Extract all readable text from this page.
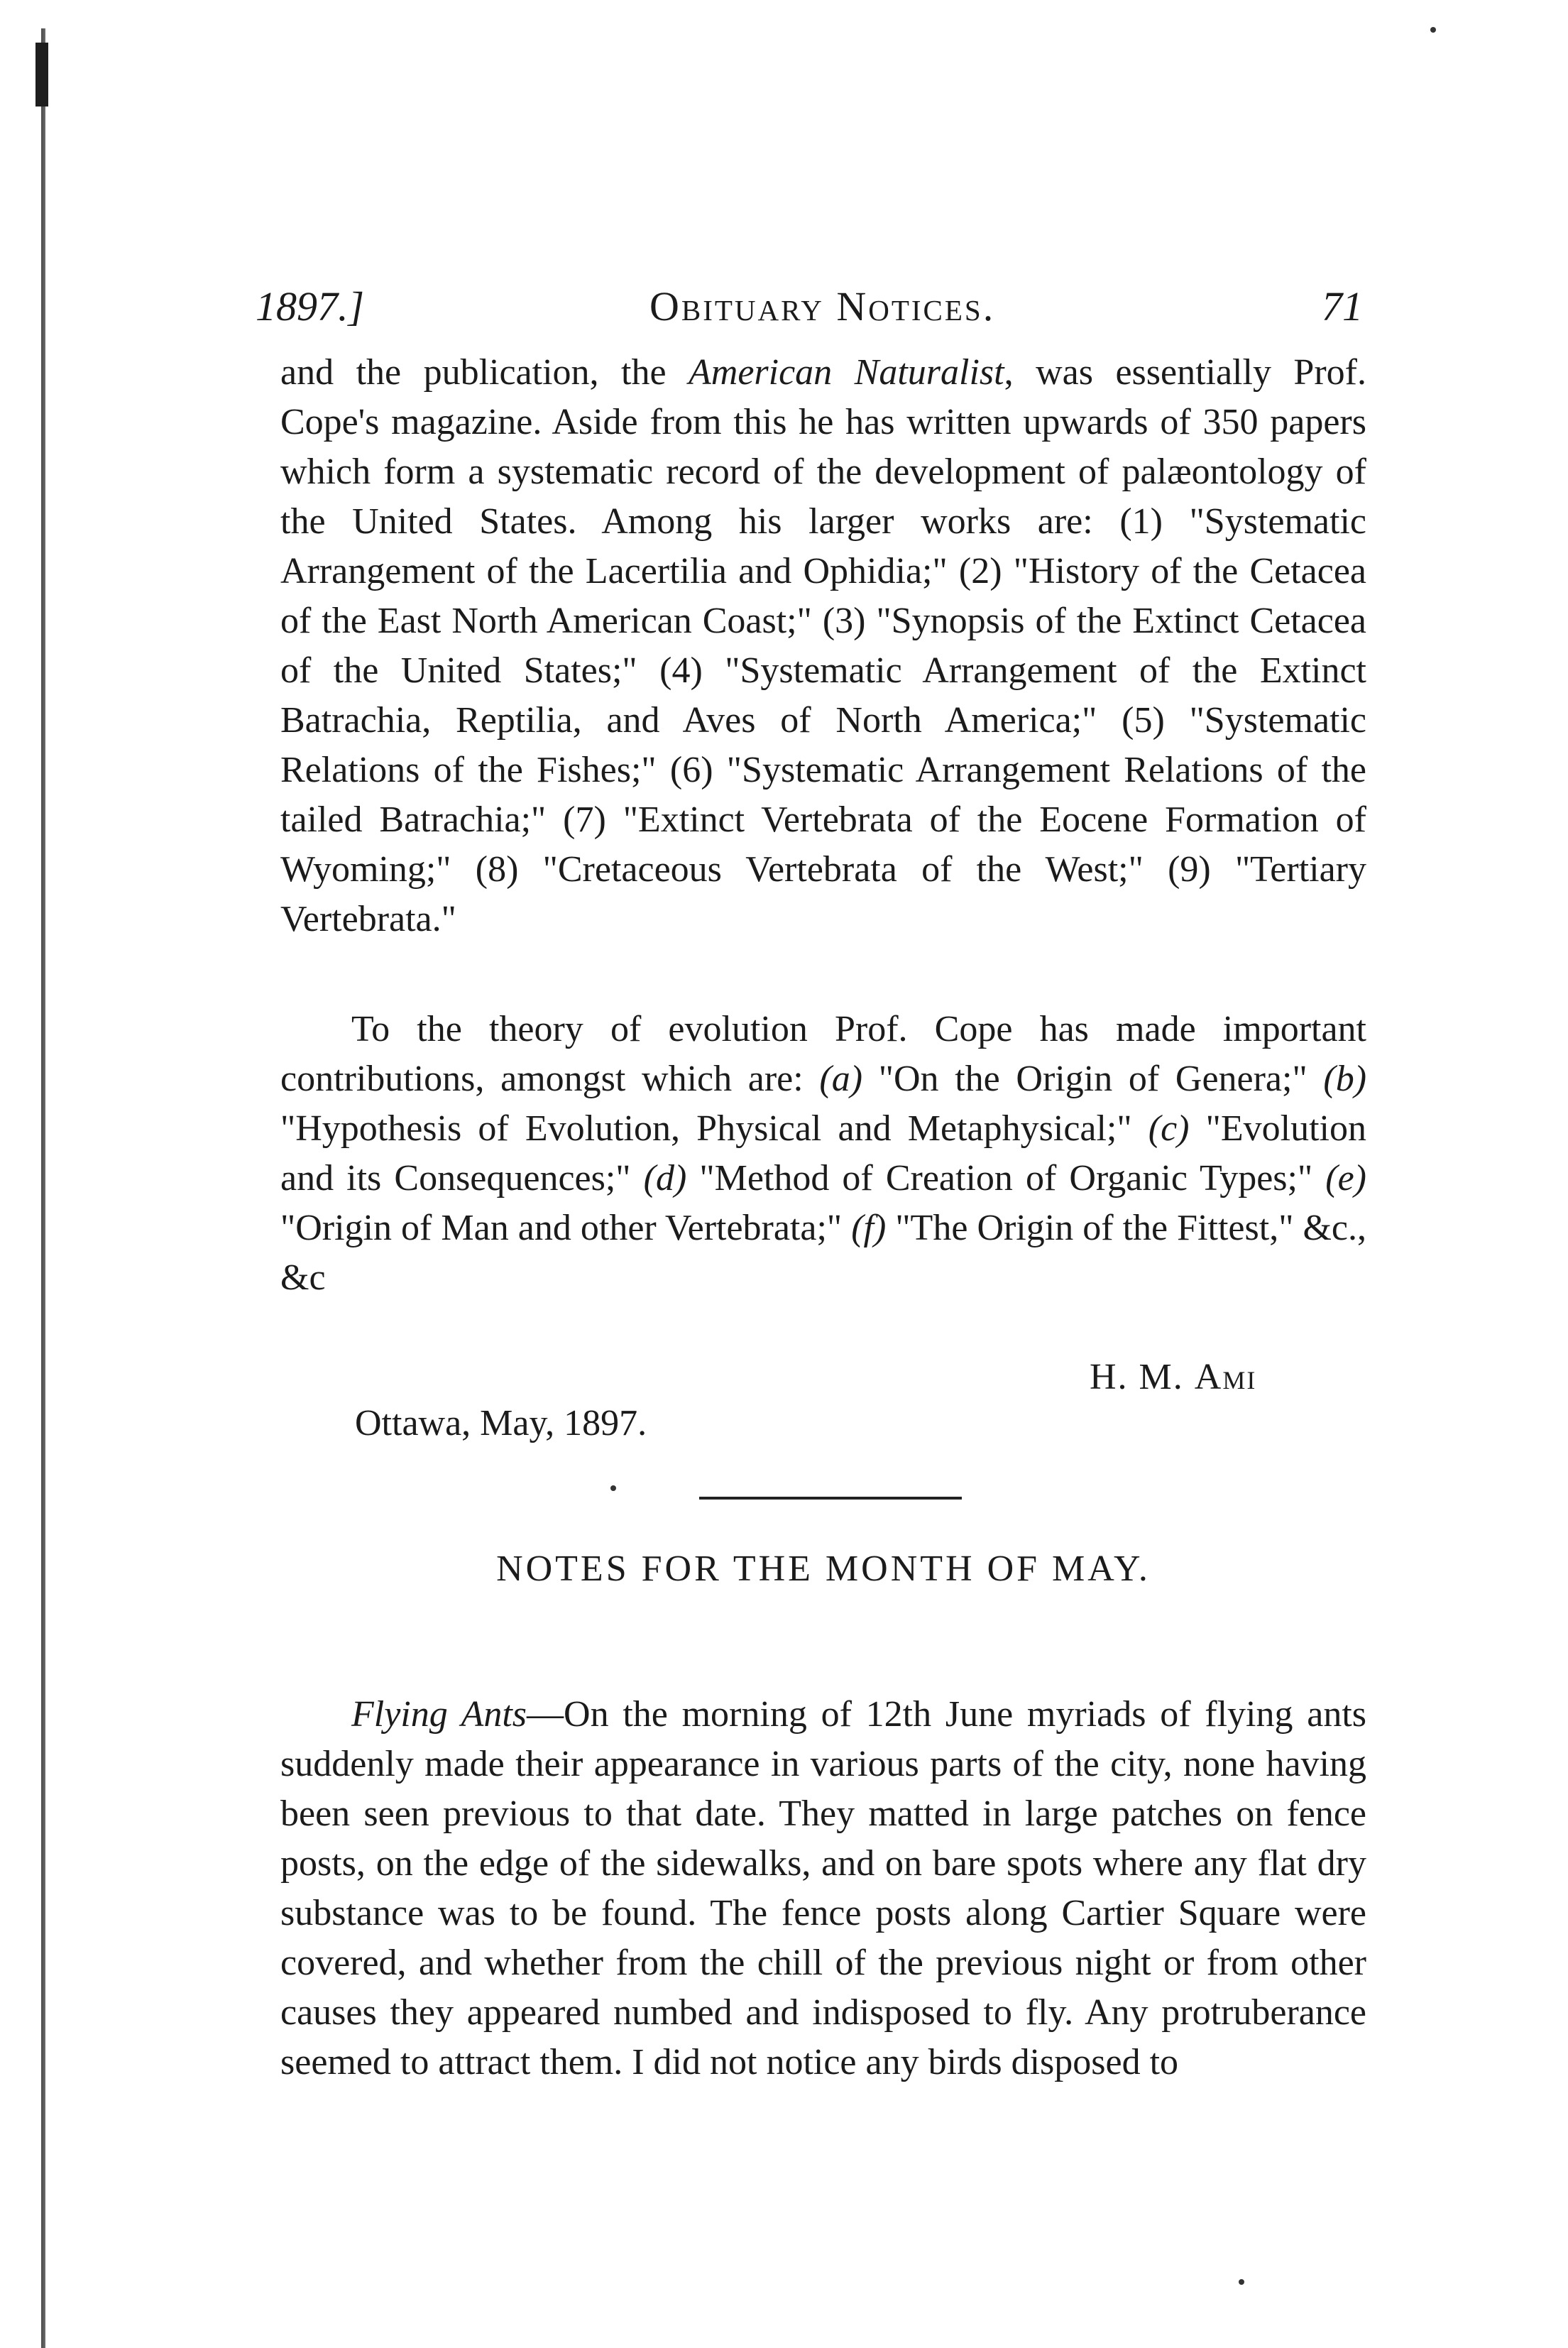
1897.]	Obituary Notices.	71

and the publication, the American Naturalist, was essentially Prof. Cope's magazine. Aside from this he has written upwards of 350 papers which form a systematic record of the development of palæontology of the United States. Among his larger works are: (1) "Systematic Arrangement of the Lacertilia and Ophidia;" (2) "History of the Cetacea of the East North American Coast;" (3) "Synopsis of the Extinct Cetacea of the United States;" (4) "Systematic Arrangement of the Extinct Batrachia, Reptilia, and Aves of North America;" (5) "Systematic Relations of the Fishes;" (6) "Systematic Arrangement Relations of the tailed Batrachia;" (7) "Extinct Vertebrata of the Eocene Formation of Wyoming;" (8) "Cretaceous Vertebrata of the West;" (9) "Tertiary Vertebrata."

To the theory of evolution Prof. Cope has made important contributions, amongst which are: (a) "On the Origin of Genera;" (b) "Hypothesis of Evolution, Physical and Metaphysical;" (c) "Evolution and its Consequences;" (d) "Method of Creation of Organic Types;" (e) "Origin of Man and other Vertebrata;" (f) "The Origin of the Fittest," &c., &c

H. M. Ami
Ottawa, May, 1897.
NOTES FOR THE MONTH OF MAY.

Flying Ants—On the morning of 12th June myriads of flying ants suddenly made their appearance in various parts of the city, none having been seen previous to that date. They matted in large patches on fence posts, on the edge of the sidewalks, and on bare spots where any flat dry substance was to be found. The fence posts along Cartier Square were covered, and whether from the chill of the previous night or from other causes they appeared numbed and indisposed to fly. Any protruberance seemed to attract them. I did not notice any birds disposed to
